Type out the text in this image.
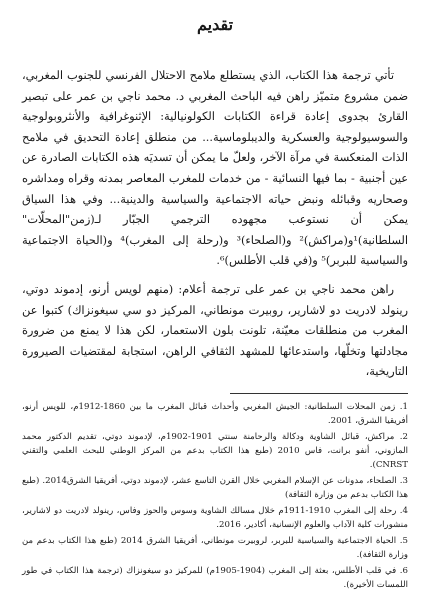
تقديم

تأتي ترجمة هذا الكتاب، الذي يستطلع ملامح الاحتلال الفرنسي للجنوب المغربي، ضمن مشروع متميّز راهن فيه الباحث المغربي د. محمد ناجي بن عمر على تبصير القارئ بجدوى إعادة قراءة الكتابات الكولونيالية: الإثنوغرافية والأنثروبولوجية والسوسيولوجية والعسكرية والديبلوماسية... من منطلق إعادة التحديق في ملامح الذات المنعكسة في مرآة الآخر، ولعلّ ما يمكن أن تسديَه هذه الكتابات الصادرة عن عين أجنبية - بما فيها النسائية - من خدمات للمغرب المعاصر بمدنه وقراه ومداشره وصحاريه وقبائله ونبض حياته الاجتماعية والسياسية والدينية... وفي هذا السياق يمكن أن نستوعب مجهوده الترجمي الجبّار لـ(زمن"المحلّات" السلطانية)¹و(مراكش)² و(الصلحاء)³ و(رحلة إلى المغرب)⁴ و(الحياة الاجتماعية والسياسية للبربر)⁵ و(في قلب الأطلس)⁶.

راهن محمد ناجي بن عمر على ترجمة أعلام: (منهم لويس أرنو، إدموند دوتي، رينولد لادريت دو لاشارير، روبيرت مونطاني، المركيز دو سي سيغونزاك) كتبوا عن المغرب من منطلقات معيّنة، تلونت بلون الاستعمار، لكن هذا لا يمنع من ضرورة مجادلتها وتخلّها، واستدعائها للمشهد الثقافي الراهن، استجابة لمقتضيات الصيرورة التاريخية،

1. زمن المحلات السلطانية: الجيش المغربي وأحداث قبائل المغرب ما بين 1860-1912م، للويس أرنو، أفريقيا الشرق، 2001.
2. مراكش، قبائل الشاوية ودكالة والرحامنة سنتي 1901-1902م، لإدموند دوتي، تقديم الدكتور محمد المازوني، أنفو برانت، فاس 2010 (طبع هذا الكتاب بدعم من المركز الوطني للبحث العلمي والتقني CNRST).
3. الصلحاء، مدونات عن الإسلام المغربي خلال القرن التاسع عشر، لإدموند دوتي، أفريقيا الشرق2014. (طبع هذا الكتاب بدعم من وزارة الثقافة)
4. رحلة إلى المغرب 1910-1911م خلال مسالك الشاوية وسوس والحوز وفاس، رينولد لادريت دو لاشارير، منشورات كلية الآداب والعلوم الإنسانية، أكادير، 2016.
5. الحياة الاجتماعية والسياسية للبربر، لروبيرت مونطاني، أفريقيا الشرق 2014 (طبع هذا الكتاب بدعم من وزارة الثقافة).
6. في قلب الأطلس، بعثة إلى المغرب (1904-1905م) للمركيز دو سيغونزاك (ترجمة هذا الكتاب في طور اللمسات الأخيرة).
